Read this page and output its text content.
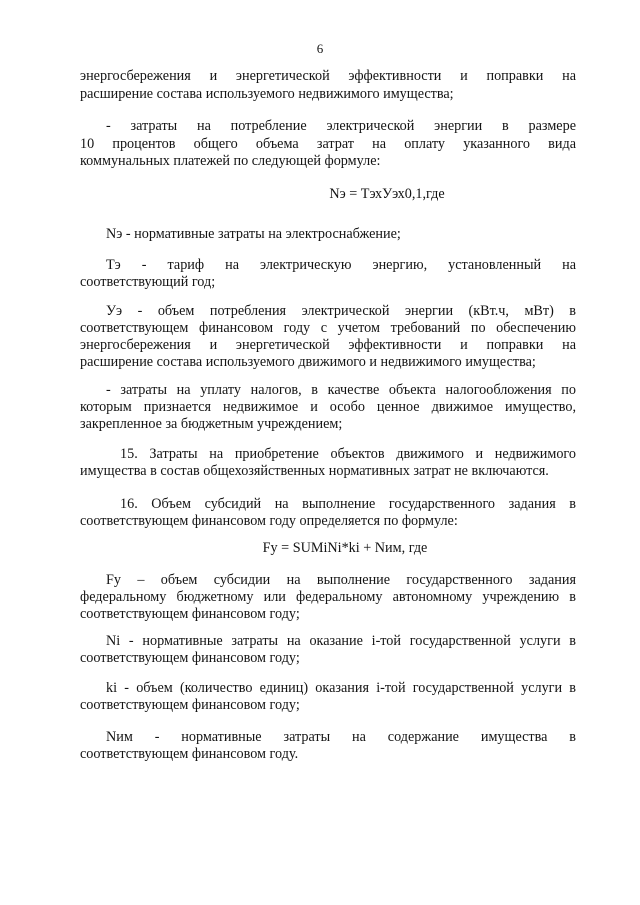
6
энергосбережения и энергетической эффективности и поправки на
расширение состава используемого недвижимого имущества;
- затраты на потребление электрической энергии в размере
10 процентов общего объема затрат на оплату указанного вида
коммунальных платежей по следующей формуле:
Nэ = ТэхУэх0,1,где
Nэ - нормативные затраты на электроснабжение;
Тэ - тариф на электрическую энергию, установленный на
соответствующий год;
Уэ - объем потребления электрической энергии (кВт.ч, мВт) в
соответствующем финансовом году с учетом требований по обеспечению
энергосбережения и энергетической эффективности и поправки на
расширение состава используемого движимого и недвижимого имущества;
- затраты на уплату налогов, в качестве объекта налогообложения по
которым признается недвижимое и особо ценное движимое имущество,
закрепленное за бюджетным учреждением;
15. Затраты на приобретение объектов движимого и недвижимого
имущества в состав общехозяйственных нормативных затрат не включаются.
16. Объем субсидий на выполнение государственного задания в
соответствующем финансовом году определяется по формуле:
Fy = SUMiNi*ki + Nим, где
Fy – объем субсидии на выполнение государственного задания
федеральному бюджетному или федеральному автономному учреждению в
соответствующем финансовом году;
Ni - нормативные затраты на оказание i-той государственной услуги в
соответствующем финансовом году;
ki - объем (количество единиц) оказания i-той государственной услуги в
соответствующем финансовом году;
Nим - нормативные затраты на содержание имущества в
соответствующем финансовом году.
